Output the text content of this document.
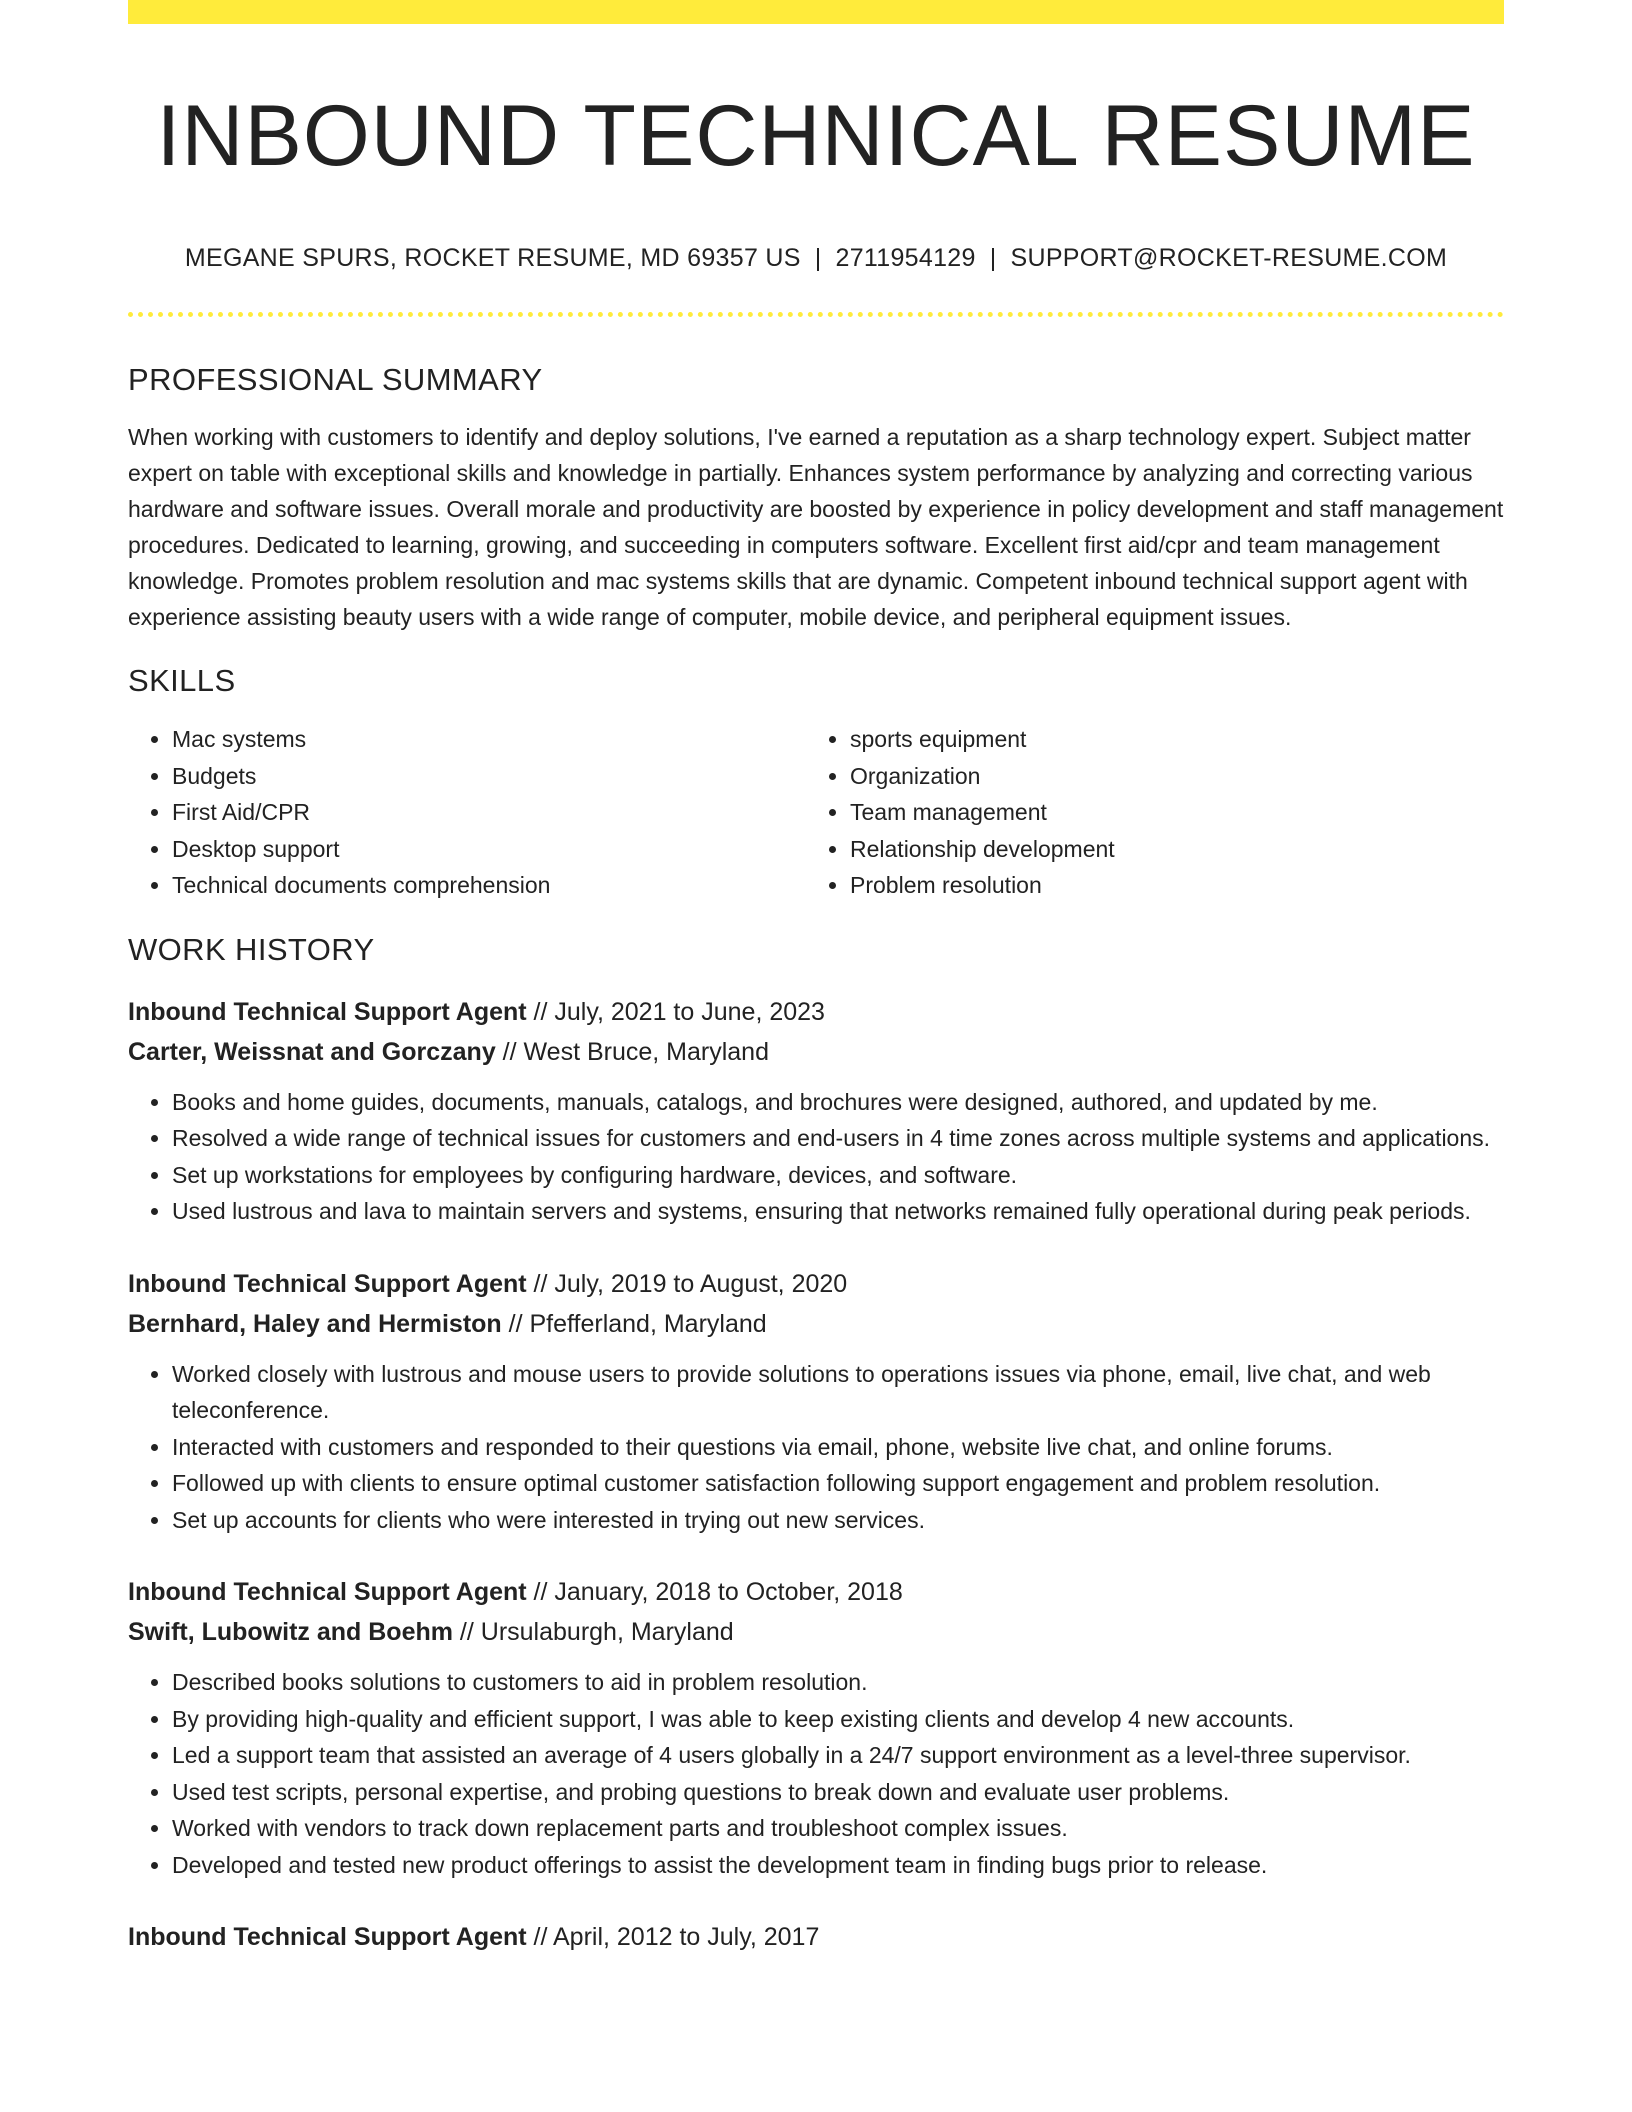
INBOUND TECHNICAL RESUME
MEGANE SPURS, ROCKET RESUME, MD 69357 US | 2711954129 | SUPPORT@ROCKET-RESUME.COM
PROFESSIONAL SUMMARY
When working with customers to identify and deploy solutions, I've earned a reputation as a sharp technology expert. Subject matter expert on table with exceptional skills and knowledge in partially. Enhances system performance by analyzing and correcting various hardware and software issues. Overall morale and productivity are boosted by experience in policy development and staff management procedures. Dedicated to learning, growing, and succeeding in computers software. Excellent first aid/cpr and team management knowledge. Promotes problem resolution and mac systems skills that are dynamic. Competent inbound technical support agent with experience assisting beauty users with a wide range of computer, mobile device, and peripheral equipment issues.
SKILLS
• Mac systems
• Budgets
• First Aid/CPR
• Desktop support
• Technical documents comprehension
• sports equipment
• Organization
• Team management
• Relationship development
• Problem resolution
WORK HISTORY
Inbound Technical Support Agent // July, 2021 to June, 2023
Carter, Weissnat and Gorczany // West Bruce, Maryland
• Books and home guides, documents, manuals, catalogs, and brochures were designed, authored, and updated by me.
• Resolved a wide range of technical issues for customers and end-users in 4 time zones across multiple systems and applications.
• Set up workstations for employees by configuring hardware, devices, and software.
• Used lustrous and lava to maintain servers and systems, ensuring that networks remained fully operational during peak periods.
Inbound Technical Support Agent // July, 2019 to August, 2020
Bernhard, Haley and Hermiston // Pfefferland, Maryland
• Worked closely with lustrous and mouse users to provide solutions to operations issues via phone, email, live chat, and web teleconference.
• Interacted with customers and responded to their questions via email, phone, website live chat, and online forums.
• Followed up with clients to ensure optimal customer satisfaction following support engagement and problem resolution.
• Set up accounts for clients who were interested in trying out new services.
Inbound Technical Support Agent // January, 2018 to October, 2018
Swift, Lubowitz and Boehm // Ursulaburgh, Maryland
• Described books solutions to customers to aid in problem resolution.
• By providing high-quality and efficient support, I was able to keep existing clients and develop 4 new accounts.
• Led a support team that assisted an average of 4 users globally in a 24/7 support environment as a level-three supervisor.
• Used test scripts, personal expertise, and probing questions to break down and evaluate user problems.
• Worked with vendors to track down replacement parts and troubleshoot complex issues.
• Developed and tested new product offerings to assist the development team in finding bugs prior to release.
Inbound Technical Support Agent // April, 2012 to July, 2017
